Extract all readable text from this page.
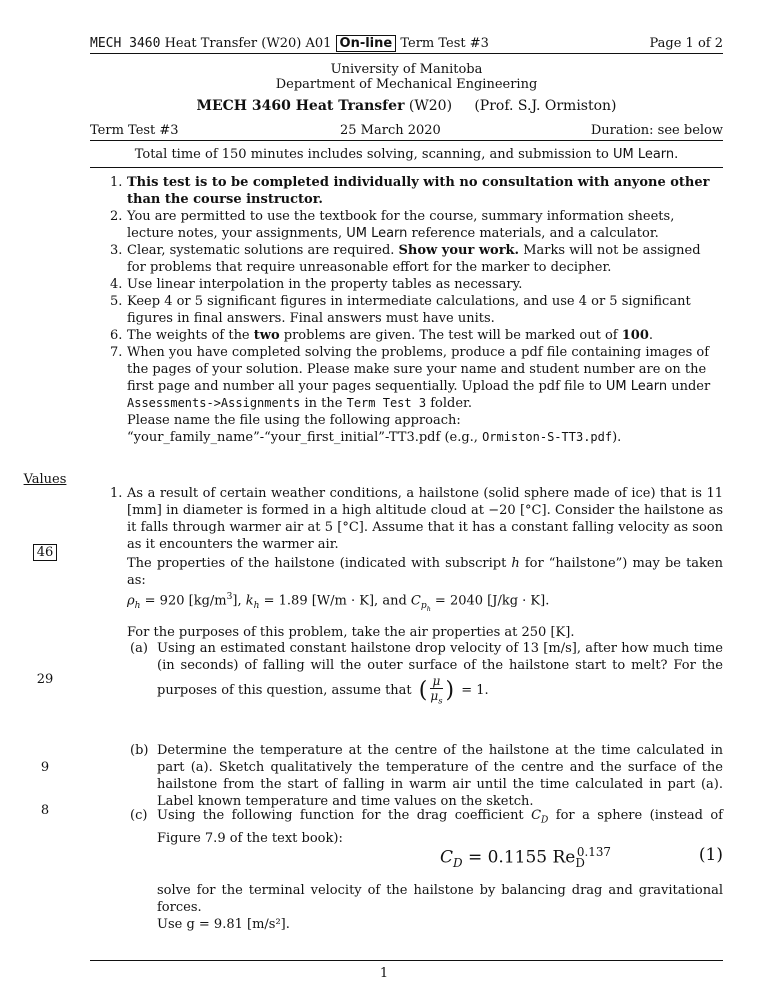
MECH 3460 Heat Transfer (W20) A01 On-line Term Test #3	Page 1 of 2
University of Manitoba
Department of Mechanical Engineering
MECH 3460 Heat Transfer (W20) (Prof. S.J. Ormiston)
Term Test #3	25 March 2020	Duration: see below
Total time of 150 minutes includes solving, scanning, and submission to UM Learn.
1. This test is to be completed individually with no consultation with anyone other than the course instructor.
2. You are permitted to use the textbook for the course, summary information sheets, lecture notes, your assignments, UM Learn reference materials, and a calculator.
3. Clear, systematic solutions are required. Show your work. Marks will not be assigned for problems that require unreasonable effort for the marker to decipher.
4. Use linear interpolation in the property tables as necessary.
5. Keep 4 or 5 significant figures in intermediate calculations, and use 4 or 5 significant figures in final answers. Final answers must have units.
6. The weights of the two problems are given. The test will be marked out of 100.
7. When you have completed solving the problems, produce a pdf file containing images of the pages of your solution. Please make sure your name and student number are on the first page and number all your pages sequentially. Upload the pdf file to UM Learn under
Assessments->Assignments in the Term Test 3 folder.
Please name the file using the following approach:
“your_family_name”-“your_first_initial”-TT3.pdf (e.g., Ormiston-S-TT3.pdf).
Values
46
29
9
8
1. As a result of certain weather conditions, a hailstone (solid sphere made of ice) that is 11 [mm] in diameter is formed in a high altitude cloud at −20 [°C]. Consider the hailstone as it falls through warmer air at 5 [°C]. Assume that it has a constant falling velocity as soon as it encounters the warmer air.
The properties of the hailstone (indicated with subscript h for “hailstone”) may be taken as:
$\rho_h = 920$ $[kg/m^3]$, $k_h = 1.89$ [W/m · K], and $C_{p_h} = 2040$ [J/kg · K].
For the purposes of this problem, take the air properties at 250 [K].
(a) Using an estimated constant hailstone drop velocity of 13 [m/s], after how much time (in seconds) of falling will the outer surface of the hailstone start to melt? For the purposes of this question, assume that ( $\frac{\mu}{\mu_s}$ ) = 1.
(b) Determine the temperature at the centre of the hailstone at the time calculated in part (a). Sketch qualitatively the temperature of the centre and the surface of the hailstone from the start of falling in warm air until the time calculated in part (a). Label known temperature and time values on the sketch.
(c) Using the following function for the drag coefficient $C_D$ for a sphere (instead of Figure 7.9 of the text book):
$C_D = 0.1155$ $Re_D^{0.137}$	(1)
solve for the terminal velocity of the hailstone by balancing drag and gravitational forces.
Use g = 9.81 [m/s²].
1
